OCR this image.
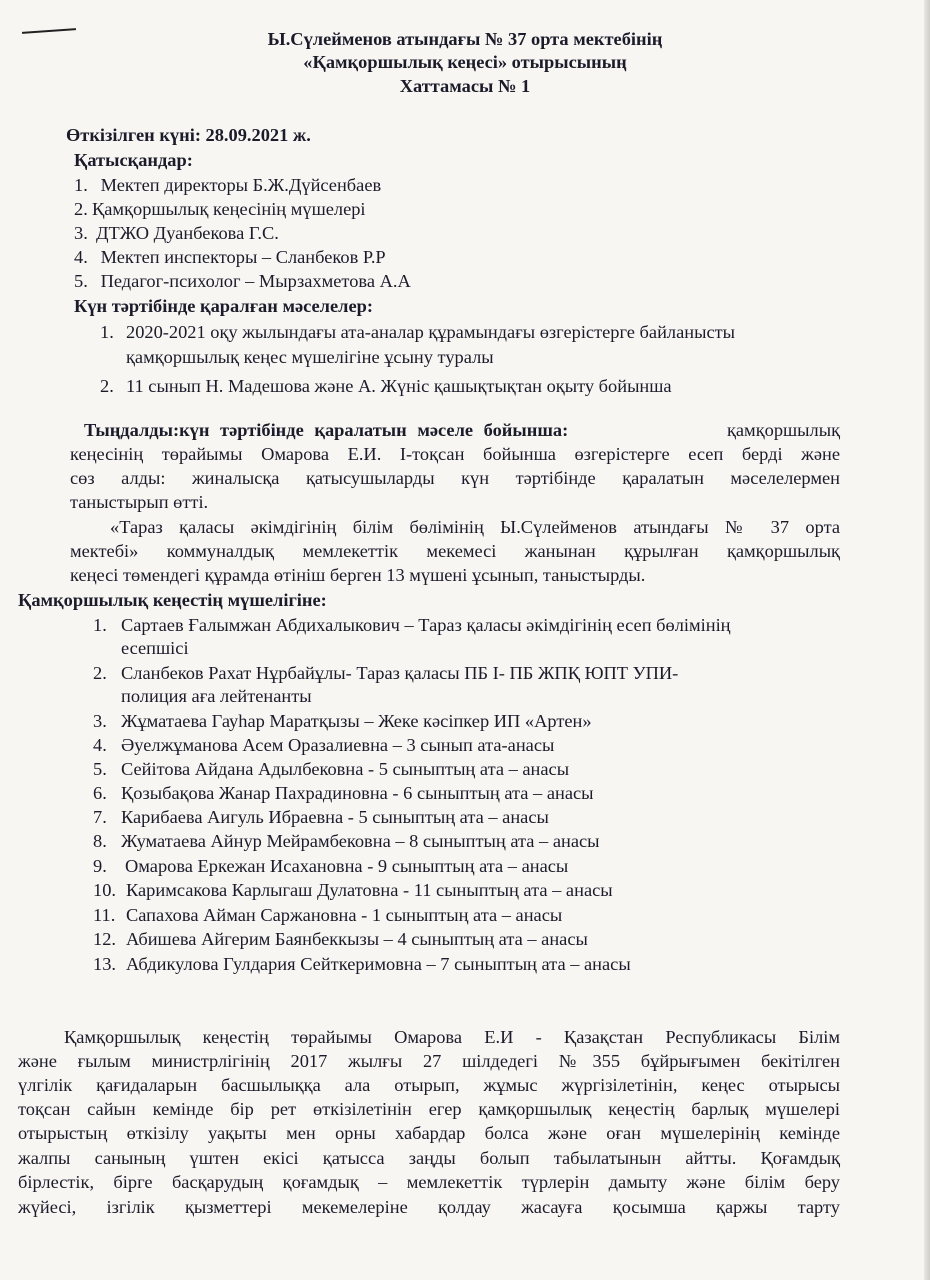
Ы.Сүлейменов атындағы № 37 орта мектебінің
«Қамқоршылық кеңесі» отырысының
Хаттамасы № 1
Өткізілген күні: 28.09.2021 ж.
Қатысқандар:
1. Мектеп директоры Б.Ж.Дүйсенбаев
2. Қамқоршылық кеңесінің мүшелері
3. ДТЖО Дуанбекова Г.С.
4. Мектеп инспекторы – Сланбеков Р.Р
5. Педагог-психолог – Мырзахметова А.А
Күн тәртібінде қаралған мәселелер:
1. 2020-2021 оқу жылындағы ата-аналар құрамындағы өзгерістерге байланысты
қамқоршылық кеңес мүшелігіне ұсыну туралы
2. 11 сынып Н. Мадешова және А. Жүніс қашықтықтан оқыту бойынша
Тыңдалды:күн тәртібінде қаралатын мәселе бойынша:	қамқоршылық
кеңесінің төрайымы Омарова Е.И. І-тоқсан бойынша өзгерістерге есеп берді және
сөз алды: жиналысқа қатысушыларды күн тәртібінде қаралатын мәселелермен
таныстырып өтті.
«Тараз қаласы әкімдігінің білім бөлімінің Ы.Сүлейменов атындағы № 37 орта
мектебі» коммуналдық мемлекеттік мекемесі жанынан құрылған қамқоршылық
кеңесі төмендегі құрамда өтініш берген 13 мүшені ұсынып, таныстырды.
Қамқоршылық кеңестің мүшелігіне:
1. Сартаев Ғалымжан Абдихалыкович – Тараз қаласы әкімдігінің есеп бөлімінің
есепшісі
2. Сланбеков Рахат Нұрбайұлы- Тараз қаласы ПБ І- ПБ ЖПҚ ЮПТ УПИ-
полиция аға лейтенанты
3. Жұматаева Гауһар Маратқызы – Жеке кәсіпкер ИП «Артен»
4. Әуелжұманова Асем Оразалиевна – 3 сынып ата-анасы
5. Сейітова Айдана Адылбековна - 5 сыныптың ата – анасы
6. Қозыбақова Жанар Пахрадиновна - 6 сыныптың ата – анасы
7. Карибаева Аигуль Ибраевна - 5 сыныптың ата – анасы
8. Жуматаева Айнур Мейрамбековна – 8 сыныптың ата – анасы
9. Омарова Еркежан Исахановна - 9 сыныптың ата – анасы
10. Каримсакова Карлыгаш Дулатовна - 11 сыныптың ата – анасы
11. Сапахова Айман Саржановна - 1 сыныптың ата – анасы
12. Абишева Айгерим Баянбеккызы – 4 сыныптың ата – анасы
13. Абдикулова Гулдария Сейткеримовна – 7 сыныптың ата – анасы
Қамқоршылық кеңестің төрайымы Омарова Е.И - Қазақстан Республикасы Білім
және ғылым министрлігінің 2017 жылғы 27 шілдедегі №355 бұйрығымен бекітілген
үлгілік қағидаларын басшылыққа ала отырып, жұмыс жүргізілетінін, кеңес отырысы
тоқсан сайын кемінде бір рет өткізілетінін егер қамқоршылық кеңестің барлық мүшелері
отырыстың өткізілу уақыты мен орны хабардар болса және оған мүшелерінің кемінде
жалпы санының үштен екісі қатысса заңды болып табылатынын айтты. Қоғамдық
бірлестік, бірге басқарудың қоғамдық – мемлекеттік түрлерін дамыту және білім беру
жүйесі, ізгілік қызметтері мекемелеріне қолдау жасауға қосымша қаржы тарту
